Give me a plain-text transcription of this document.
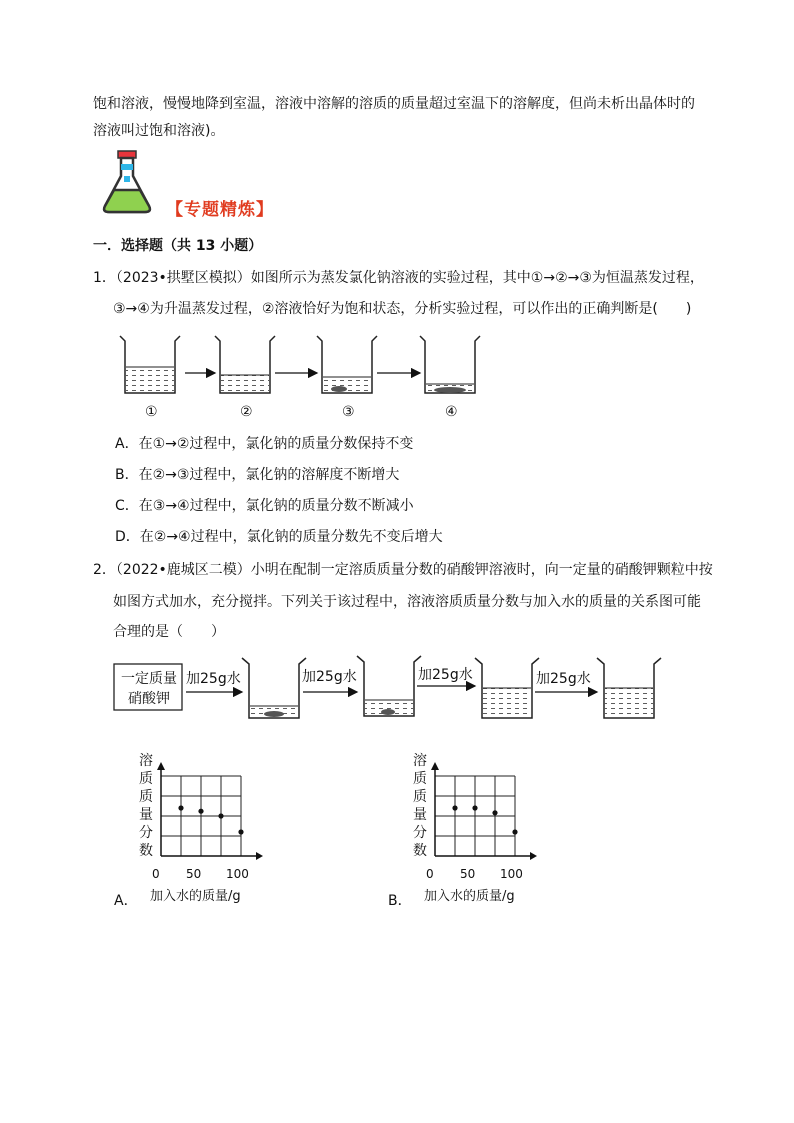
饱和溶液，慢慢地降到室温，溶液中溶解的溶质的质量超过室温下的溶解度，但尚未析出晶体时的
溶液叫过饱和溶液)。
【专题精炼】
一．选择题（共 13 小题）
1．（2023•拱墅区模拟）如图所示为蒸发氯化钠溶液的实验过程，其中①→②→③为恒温蒸发过程，
③→④为升温蒸发过程，②溶液恰好为饱和状态，分析实验过程，可以作出的正确判断是(　　)
①	②	③	④
A．在①→②过程中，氯化钠的质量分数保持不变
B．在②→③过程中，氯化钠的溶解度不断增大
C．在③→④过程中，氯化钠的质量分数不断减小
D．在②→④过程中，氯化钠的质量分数先不变后增大
2．（2022•鹿城区二模）小明在配制一定溶质质量分数的硝酸钾溶液时，向一定量的硝酸钾颗粒中按
如图方式加水，充分搅拌。下列关于该过程中，溶液溶质质量分数与加入水的质量的关系图可能
合理的是（　　）
一定质量
硝酸钾
加25g水	加25g水	加25g水	加25g水
溶
质
质
量
分
数
0 50 100
加入水的质量/g
A．
溶
质
质
量
分
数
0 50 100
加入水的质量/g
B．
